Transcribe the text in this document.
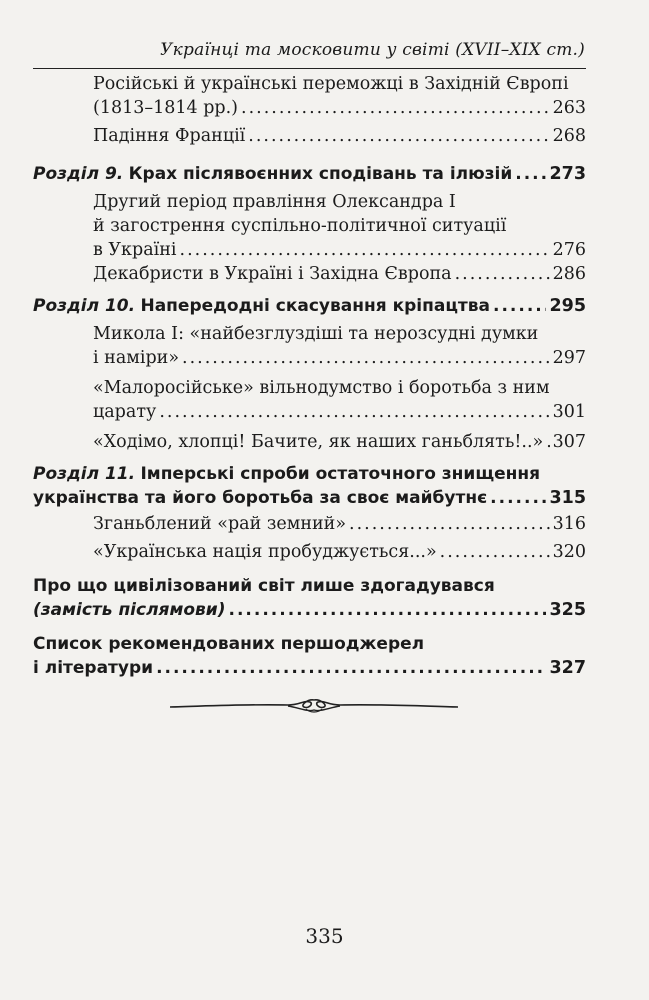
Українці та московити у світі (XVII–XIX ст.)
Російські й українські переможці в Західній Європі
(1813–1814 рр.) .....	263
Падіння Франції .....	268
Розділ 9.
Крах післявоєнних сподівань та ілюзій ..... 273
Другий період правління Олександра I
й загострення суспільно-політичної ситуації
в Україні .....	276
Декабристи в Україні і Західна Європа .....	286
Розділ 10.
Напередодні скасування кріпацтва .....	295
Микола I: «найбезглуздіші та нерозсудні думки
і наміри» .....	297
«Малоросійське» вільнодумство і боротьба з ним
царату .....	301
«Ходімо, хлопці! Бачите, як наших ганьблять!..» ..... 307
Розділ 11. Імперські спроби остаточного знищення
українства та його боротьба за своє майбутнє .....	315
Зганьблений «рай земний» .....	316
«Українська нація пробуджується...» .....	320
Про що цивілізований світ лише здогадувався
(замість післямови) .....	325
Список рекомендованих першоджерел
і літератури .....	327
335
